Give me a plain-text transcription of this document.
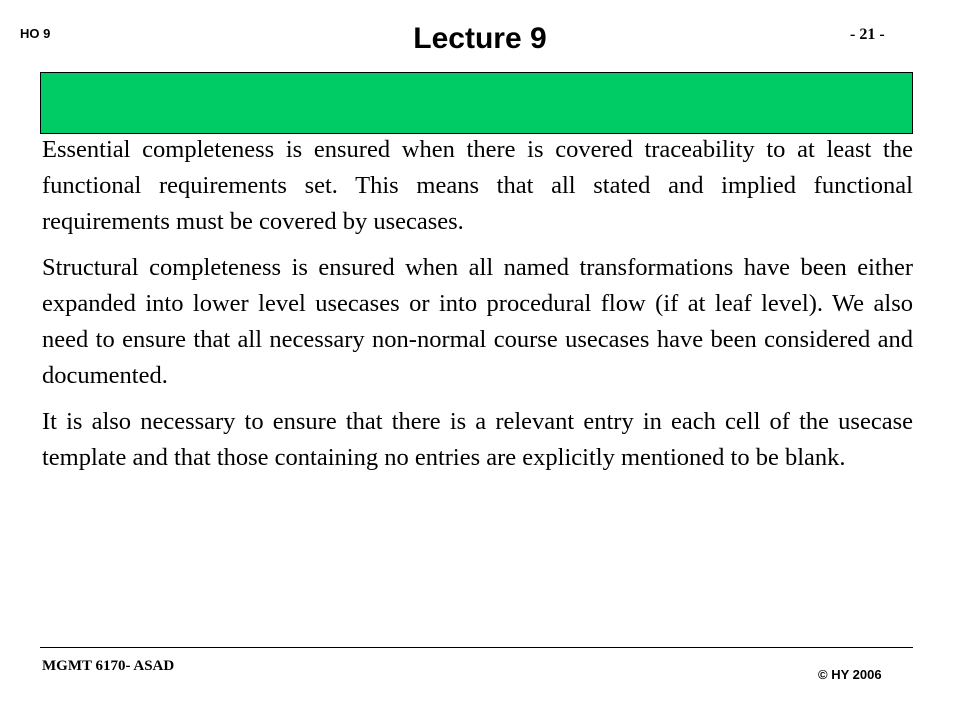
HO 9	Lecture 9	- 21 -

Essential completeness is ensured when there is covered traceability to at least the functional requirements set. This means that all stated and implied functional requirements must be covered by usecases.

Structural completeness is ensured when all named transformations have been either expanded into lower level usecases or into procedural flow (if at leaf level). We also need to ensure that all necessary non-normal course usecases have been considered and documented.

It is also necessary to ensure that there is a relevant entry in each cell of the usecase template and that those containing no entries are explicitly mentioned to be blank.

MGMT 6170- ASAD
© HY 2006
